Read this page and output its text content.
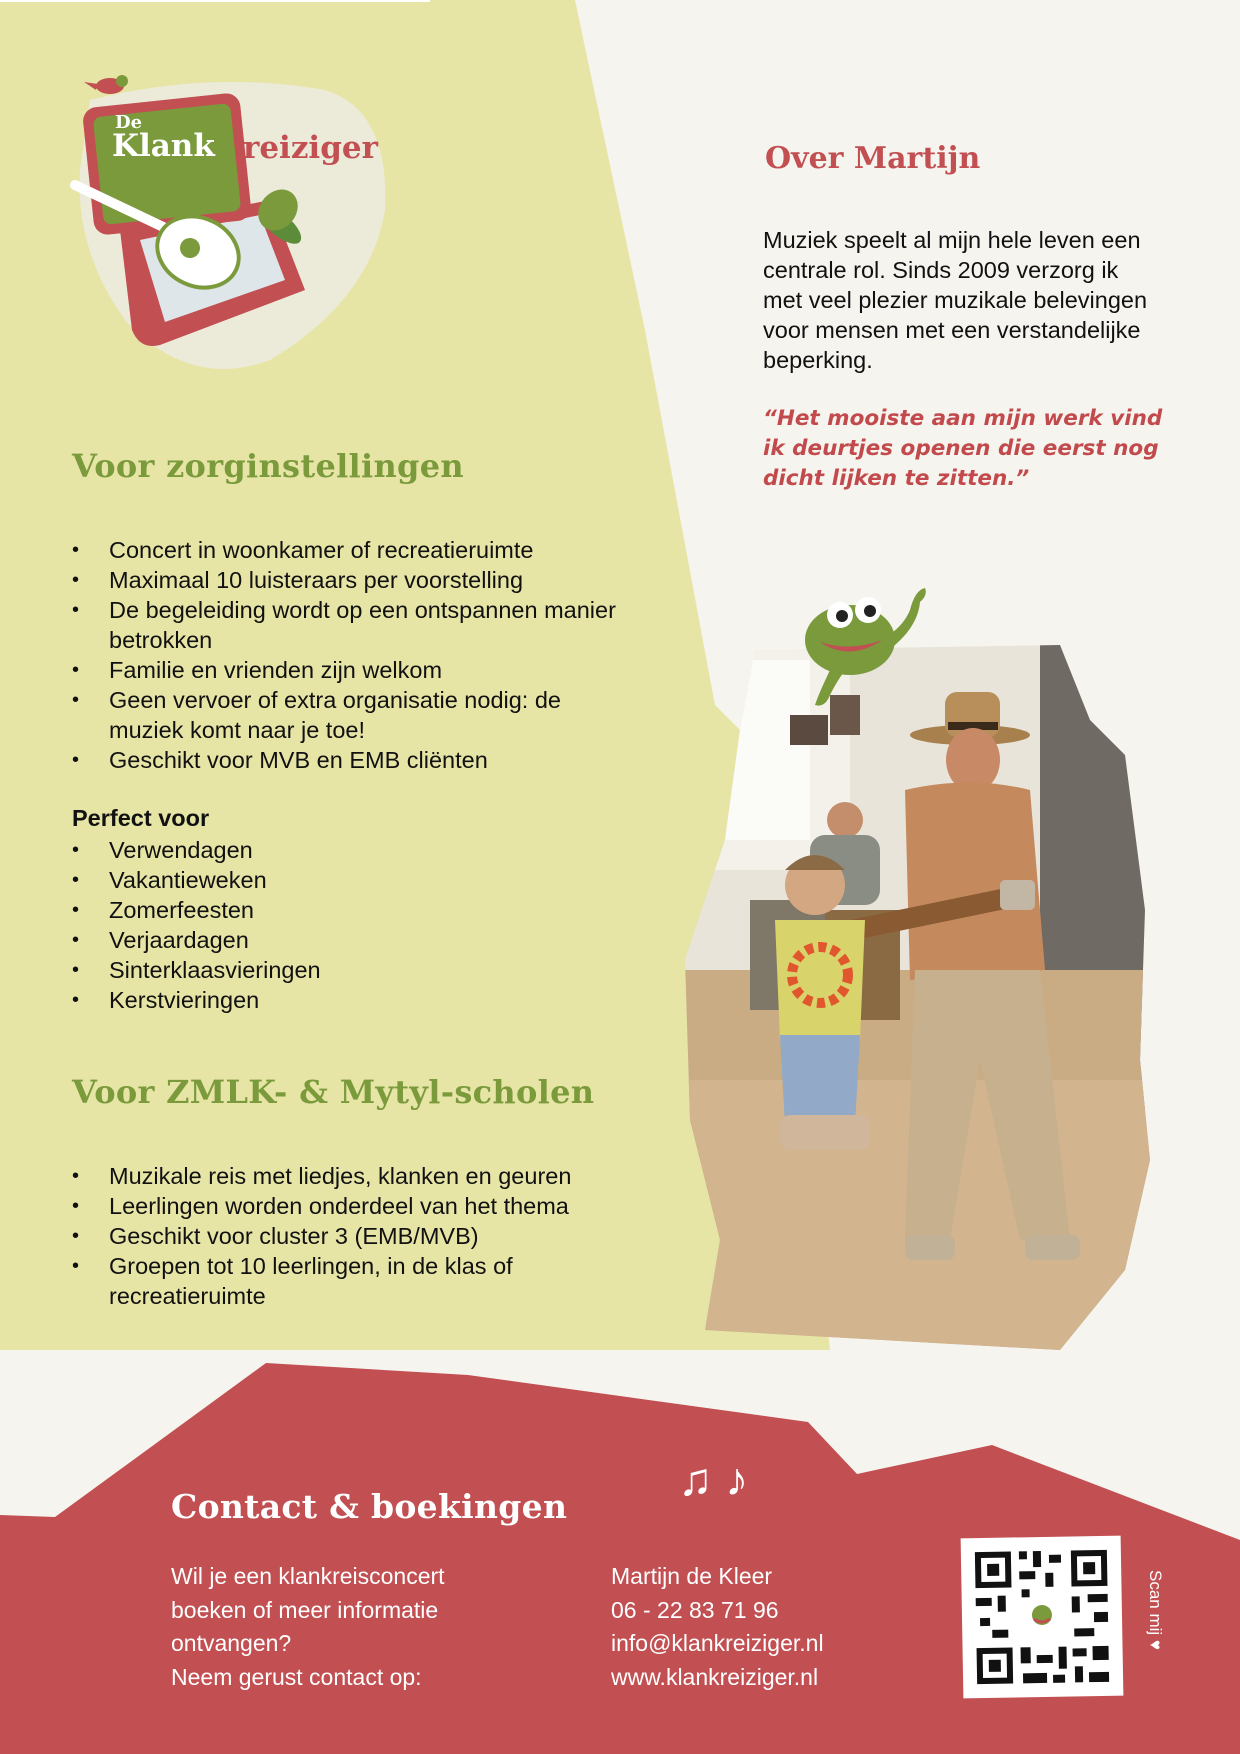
De
Klank reiziger	Over Martijn
Muziek speelt al mijn hele leven een centrale rol. Sinds 2009 verzorg ik met veel plezier muzikale belevingen voor mensen met een verstandelijke beperking.
“Het mooiste aan mijn werk vind ik deurtjes openen die eerst nog dicht lijken te zitten.”
Voor zorginstellingen
• Concert in woonkamer of recreatieruimte
• Maximaal 10 luisteraars per voorstelling
• De begeleiding wordt op een ontspannen manier betrokken
• Familie en vrienden zijn welkom
• Geen vervoer of extra organisatie nodig: de muziek komt naar je toe!
• Geschikt voor MVB en EMB cliënten
Perfect voor
• Verwendagen
• Vakantieweken
• Zomerfeesten
• Verjaardagen
• Sinterklaasvieringen
• Kerstvieringen
Voor ZMLK- & Mytyl-scholen
• Muzikale reis met liedjes, klanken en geuren
• Leerlingen worden onderdeel van het thema
• Geschikt voor cluster 3 (EMB/MVB)
• Groepen tot 10 leerlingen, in de klas of recreatieruimte
Contact & boekingen
♫ ♪
Wil je een klankreisconcert
boeken of meer informatie
ontvangen?
Neem gerust contact op:
Martijn de Kleer
06 - 22 83 71 96
info@klankreiziger.nl
www.klankreiziger.nl
Scan mij ♥
